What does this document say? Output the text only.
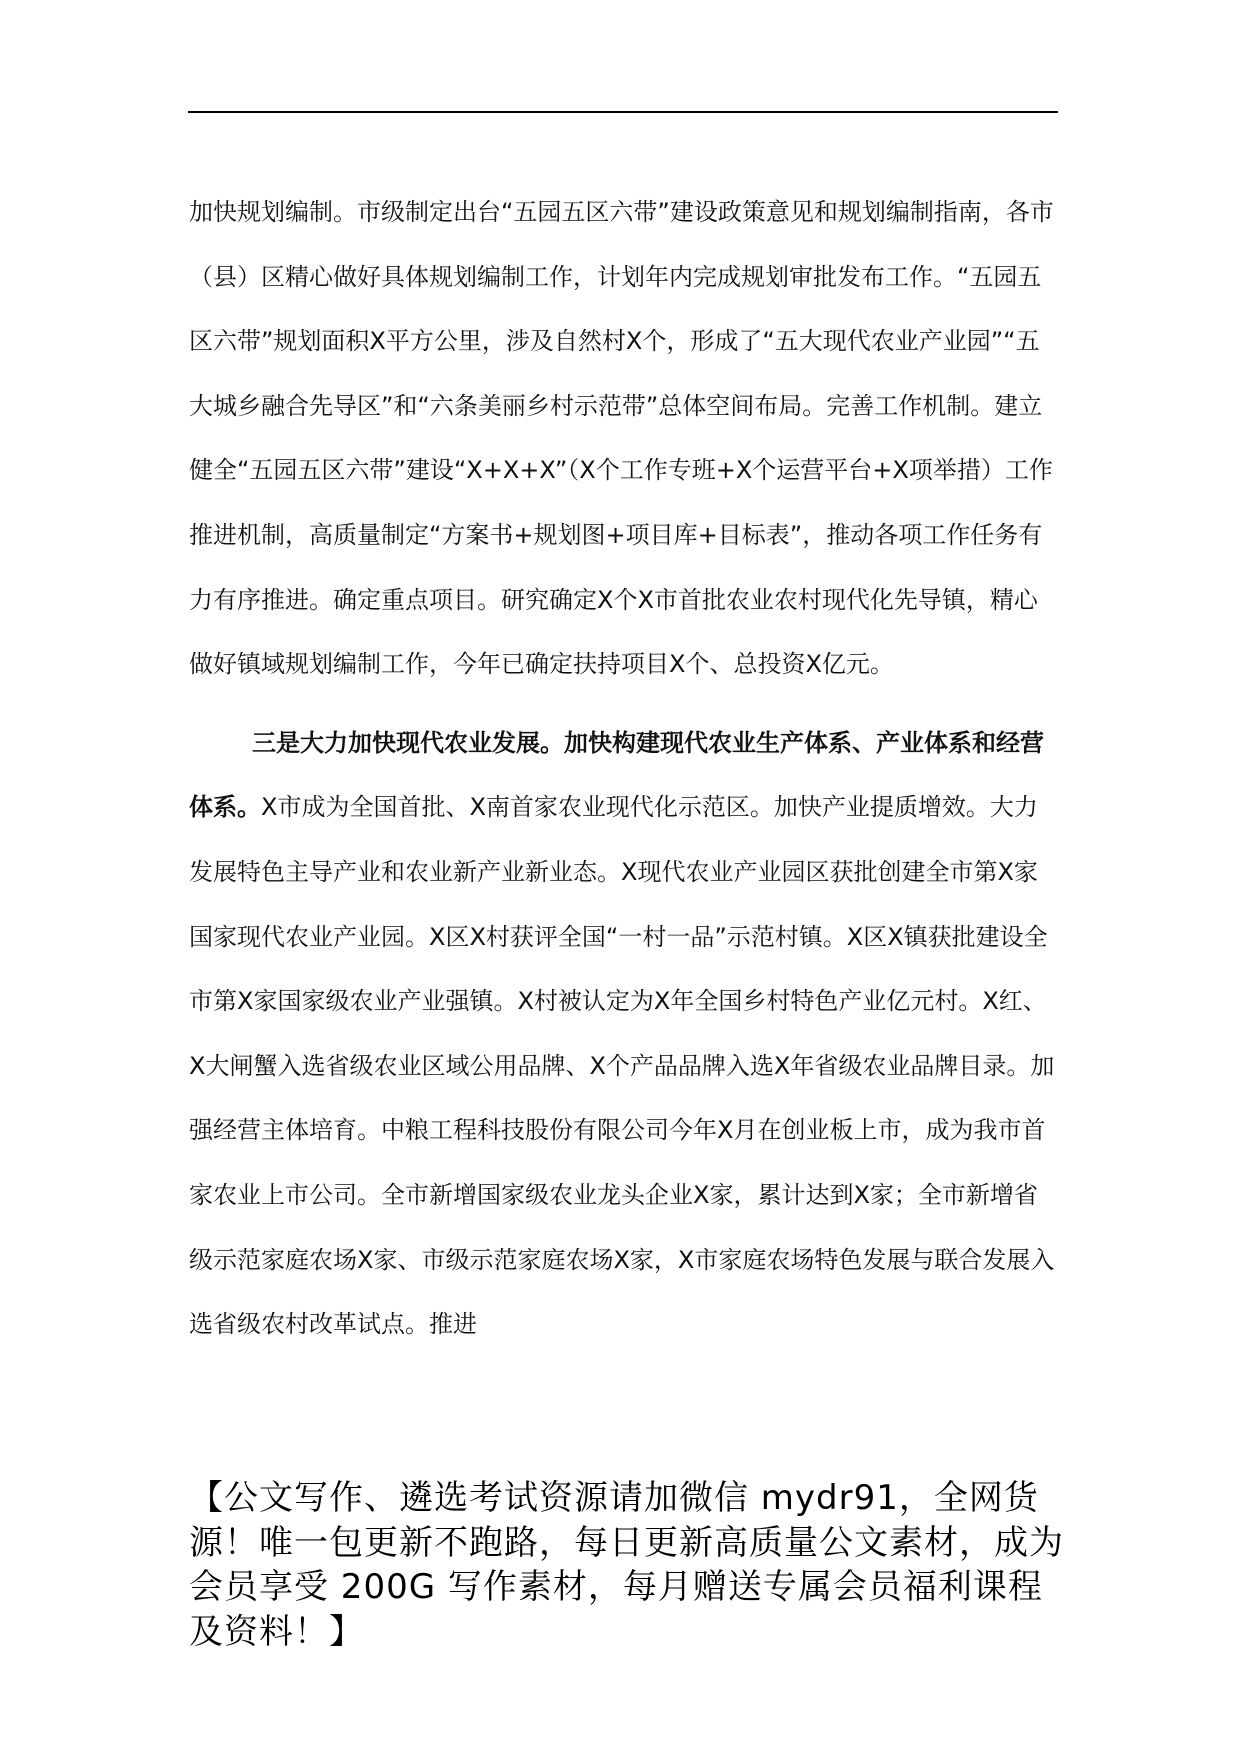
加快规划编制。市级制定出台“五园五区六带”建设政策意见和规划编制指南，各市（县）区精心做好具体规划编制工作，计划年内完成规划审批发布工作。“五园五区六带”规划面积X平方公里，涉及自然村X个，形成了“五大现代农业产业园”“五大城乡融合先导区”和“六条美丽乡村示范带”总体空间布局。完善工作机制。建立健全“五园五区六带”建设“X+X+X”（X个工作专班+X个运营平台+X项举措）工作推进机制，高质量制定“方案书+规划图+项目库+目标表”，推动各项工作任务有力有序推进。确定重点项目。研究确定X个X市首批农业农村现代化先导镇，精心做好镇域规划编制工作，今年已确定扶持项目X个、总投资X亿元。

三是大力加快现代农业发展。加快构建现代农业生产体系、产业体系和经营体系。X市成为全国首批、X南首家农业现代化示范区。加快产业提质增效。大力发展特色主导产业和农业新产业新业态。X现代农业产业园区获批创建全市第X家国家现代农业产业园。X区X村获评全国“一村一品”示范村镇。X区X镇获批建设全市第X家国家级农业产业强镇。X村被认定为X年全国乡村特色产业亿元村。X红、X大闸蟹入选省级农业区域公用品牌、X个产品品牌入选X年省级农业品牌目录。加强经营主体培育。中粮工程科技股份有限公司今年X月在创业板上市，成为我市首家农业上市公司。全市新增国家级农业龙头企业X家，累计达到X家；全市新增省级示范家庭农场X家、市级示范家庭农场X家，X市家庭农场特色发展与联合发展入选省级农村改革试点。推进

【公文写作、遴选考试资源请加微信 mydr91，全网货源！唯一包更新不跑路，每日更新高质量公文素材，成为会员享受 200G 写作素材，每月赠送专属会员福利课程及资料！】
